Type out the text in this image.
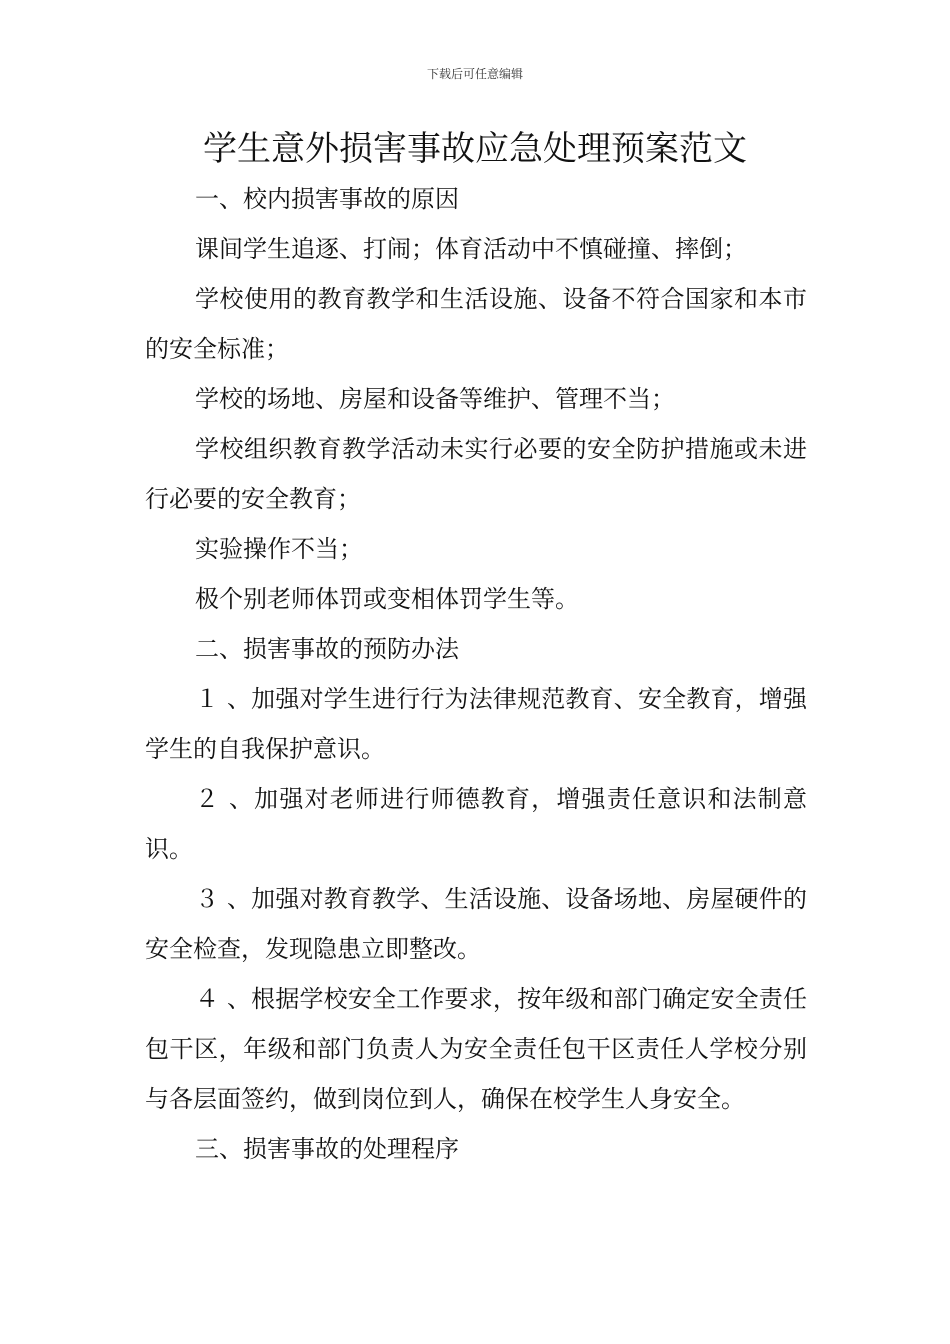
下载后可任意编辑
学生意外损害事故应急处理预案范文

一、校内损害事故的原因

课间学生追逐、打闹；体育活动中不慎碰撞、摔倒；

学校使用的教育教学和生活设施、设备不符合国家和本市的安全标准；

学校的场地、房屋和设备等维护、管理不当；

学校组织教育教学活动未实行必要的安全防护措施或未进行必要的安全教育；

实验操作不当；

极个别老师体罚或变相体罚学生等。

二、损害事故的预防办法

１ 、加强对学生进行行为法律规范教育、安全教育，增强学生的自我保护意识。

２ 、加强对老师进行师德教育，增强责任意识和法制意识。

３ 、加强对教育教学、生活设施、设备场地、房屋硬件的安全检查，发现隐患立即整改。

４ 、根据学校安全工作要求，按年级和部门确定安全责任包干区，年级和部门负责人为安全责任包干区责任人学校分别与各层面签约，做到岗位到人，确保在校学生人身安全。

三、损害事故的处理程序
